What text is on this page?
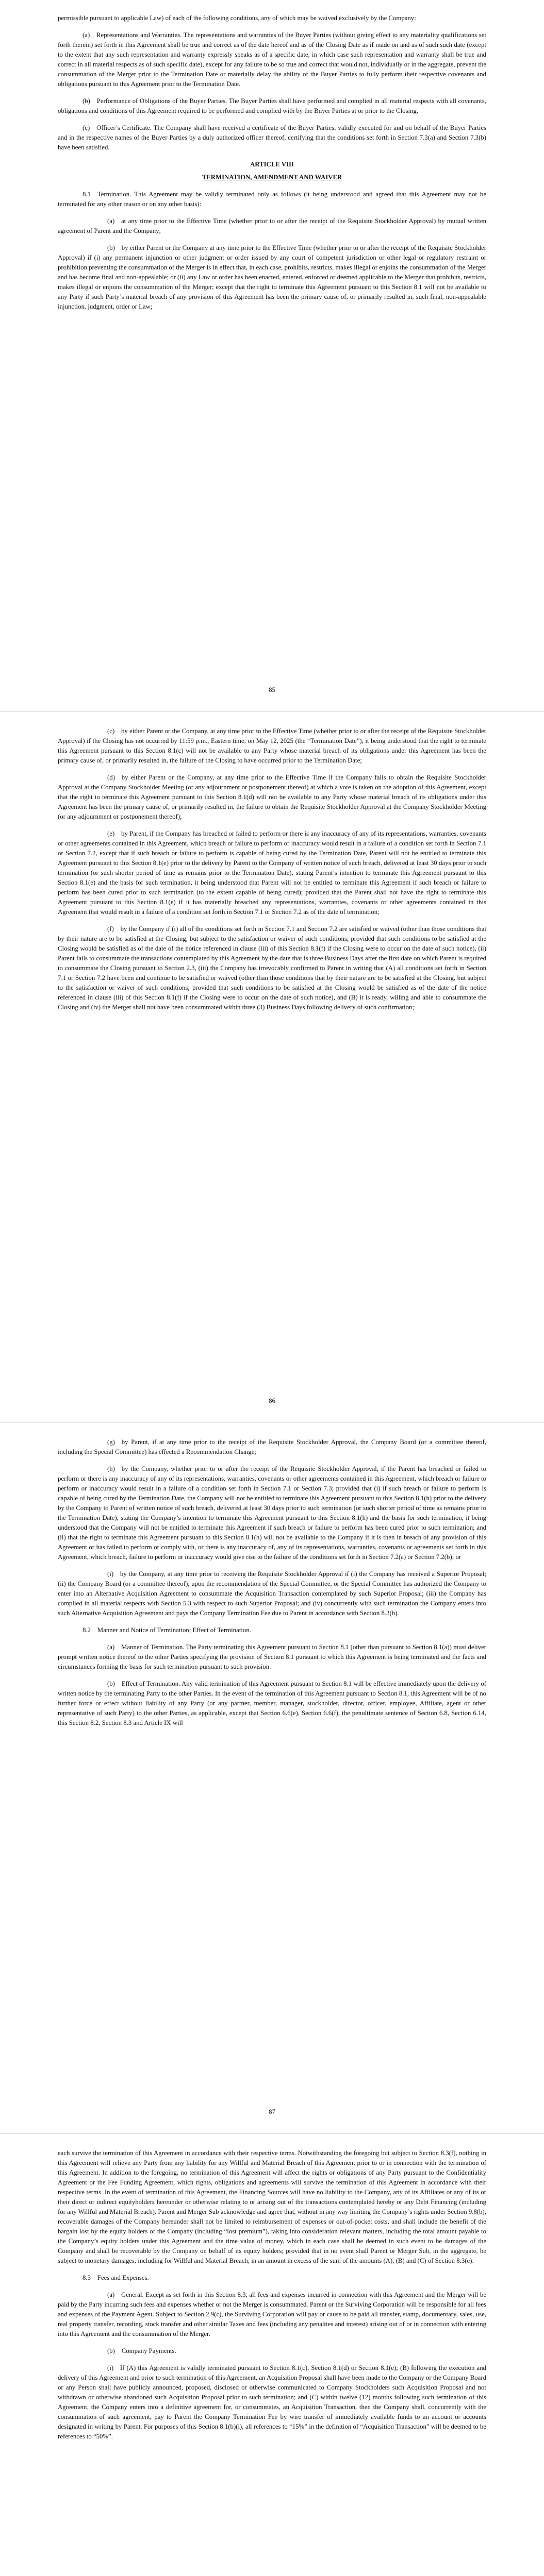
permissible pursuant to applicable Law) of each of the following conditions, any of which may be waived exclusively by the Company:

(a) Representations and Warranties. The representations and warranties of the Buyer Parties (without giving effect to any materiality qualifications set forth therein) set forth in this Agreement shall be true and correct as of the date hereof and as of the Closing Date as if made on and as of such such date (except to the extent that any such representation and warranty expressly speaks as of a specific date, in which case such representation and warranty shall be true and correct in all material respects as of such specific date), except for any failure to be so true and correct that would not, individually or in the aggregate, prevent the consummation of the Merger prior to the Termination Date or materially delay the ability of the Buyer Parties to fully perform their respective covenants and obligations pursuant to this Agreement prior to the Termination Date.

(b) Performance of Obligations of the Buyer Parties. The Buyer Parties shall have performed and complied in all material respects with all covenants, obligations and conditions of this Agreement required to be performed and complied with by the Buyer Parties at or prior to the Closing.

(c) Officer’s Certificate. The Company shall have received a certificate of the Buyer Parties, validly executed for and on behalf of the Buyer Parties and in the respective names of the Buyer Parties by a duly authorized officer thereof, certifying that the conditions set forth in Section 7.3(a) and Section 7.3(b) have been satisfied.

ARTICLE VIII
TERMINATION, AMENDMENT AND WAIVER

8.1 Termination. This Agreement may be validly terminated only as follows (it being understood and agreed that this Agreement may not be terminated for any other reason or on any other basis):

(a) at any time prior to the Effective Time (whether prior to or after the receipt of the Requisite Stockholder Approval) by mutual written agreement of Parent and the Company;

(b) by either Parent or the Company at any time prior to the Effective Time (whether prior to or after the receipt of the Requisite Stockholder Approval) if (i) any permanent injunction or other judgment or order issued by any court of competent jurisdiction or other legal or regulatory restraint or prohibition preventing the consummation of the Merger is in effect that, in each case, prohibits, restricts, makes illegal or enjoins the consummation of the Merger and has become final and non-appealable; or (ii) any Law or order has been enacted, entered, enforced or deemed applicable to the Merger that prohibits, restricts, makes illegal or enjoins the consummation of the Merger; except that the right to terminate this Agreement pursuant to this Section 8.1 will not be available to any Party if such Party’s material breach of any provision of this Agreement has been the primary cause of, or primarily resulted in, such final, non-appealable injunction, judgment, order or Law;

85

(c) by either Parent or the Company, at any time prior to the Effective Time (whether prior to or after the receipt of the Requisite Stockholder Approval) if the Closing has not occurred by 11:59 p.m., Eastern time, on May 12, 2025 (the “Termination Date”), it being understood that the right to terminate this Agreement pursuant to this Section 8.1(c) will not be available to any Party whose material breach of its obligations under this Agreement has been the primary cause of, or primarily resulted in, the failure of the Closing to have occurred prior to the Termination Date;

(d) by either Parent or the Company, at any time prior to the Effective Time if the Company fails to obtain the Requisite Stockholder Approval at the Company Stockholder Meeting (or any adjournment or postponement thereof) at which a vote is taken on the adoption of this Agreement, except that the right to terminate this Agreement pursuant to this Section 8.1(d) will not be available to any Party whose material breach of its obligations under this Agreement has been the primary cause of, or primarily resulted in, the failure to obtain the Requisite Stockholder Approval at the Company Stockholder Meeting (or any adjournment or postponement thereof);

(e) by Parent, if the Company has breached or failed to perform or there is any inaccuracy of any of its representations, warranties, covenants or other agreements contained in this Agreement, which breach or failure to perform or inaccuracy would result in a failure of a condition set forth in Section 7.1 or Section 7.2, except that if such breach or failure to perform is capable of being cured by the Termination Date, Parent will not be entitled to terminate this Agreement pursuant to this Section 8.1(e) prior to the delivery by Parent to the Company of written notice of such breach, delivered at least 30 days prior to such termination (or such shorter period of time as remains prior to the Termination Date), stating Parent’s intention to terminate this Agreement pursuant to this Section 8.1(e) and the basis for such termination, it being understood that Parent will not be entitled to terminate this Agreement if such breach or failure to perform has been cured prior to such termination (to the extent capable of being cured); provided that the Parent shall not have the right to terminate this Agreement pursuant to this Section 8.1(e) if it has materially breached any representations, warranties, covenants or other agreements contained in this Agreement that would result in a failure of a condition set forth in Section 7.1 or Section 7.2 as of the date of termination;

(f) by the Company if (i) all of the conditions set forth in Section 7.1 and Section 7.2 are satisfied or waived (other than those conditions that by their nature are to be satisfied at the Closing, but subject to the satisfaction or waiver of such conditions; provided that such conditions to be satisfied at the Closing would be satisfied as of the date of the notice referenced in clause (iii) of this Section 8.1(f) if the Closing were to occur on the date of such notice), (ii) Parent fails to consummate the transactions contemplated by this Agreement by the date that is three Business Days after the first date on which Parent is required to consummate the Closing pursuant to Section 2.3, (iii) the Company has irrevocably confirmed to Parent in writing that (A) all conditions set forth in Section 7.1 or Section 7.2 have been and continue to be satisfied or waived (other than those conditions that by their nature are to be satisfied at the Closing, but subject to the satisfaction or waiver of such conditions; provided that such conditions to be satisfied at the Closing would be satisfied as of the date of the notice referenced in clause (iii) of this Section 8.1(f) if the Closing were to occur on the date of such notice), and (B) it is ready, willing and able to consummate the Closing and (iv) the Merger shall not have been consummated within three (3) Business Days following delivery of such confirmation;

86

(g) by Parent, if at any time prior to the receipt of the Requisite Stockholder Approval, the Company Board (or a committee thereof, including the Special Committee) has effected a Recommendation Change;

(h) by the Company, whether prior to or after the receipt of the Requisite Stockholder Approval, if the Parent has breached or failed to perform or there is any inaccuracy of any of its representations, warranties, covenants or other agreements contained in this Agreement, which breach or failure to perform or inaccuracy would result in a failure of a condition set forth in Section 7.1 or Section 7.3; provided that (i) if such breach or failure to perform is capable of being cured by the Termination Date, the Company will not be entitled to terminate this Agreement pursuant to this Section 8.1(h) prior to the delivery by the Company to Parent of written notice of such breach, delivered at least 30 days prior to such termination (or such shorter period of time as remains prior to the Termination Date), stating the Company’s intention to terminate this Agreement pursuant to this Section 8.1(h) and the basis for such termination, it being understood that the Company will not be entitled to terminate this Agreement if such breach or failure to perform has been cured prior to such termination; and (ii) that the right to terminate this Agreement pursuant to this Section 8.1(h) will not be available to the Company if it is then in breach of any provision of this Agreement or has failed to perform or comply with, or there is any inaccuracy of, any of its representations, warranties, covenants or agreements set forth in this Agreement, which breach, failure to perform or inaccuracy would give rise to the failure of the conditions set forth in Section 7.2(a) or Section 7.2(b); or

(i) by the Company, at any time prior to receiving the Requisite Stockholder Approval if (i) the Company has received a Superior Proposal; (ii) the Company Board (or a committee thereof), upon the recommendation of the Special Committee, or the Special Committee has authorized the Company to enter into an Alternative Acquisition Agreement to consummate the Acquisition Transaction contemplated by such Superior Proposal; (iii) the Company has complied in all material respects with Section 5.3 with respect to such Superior Proposal; and (iv) concurrently with such termination the Company enters into such Alternative Acquisition Agreement and pays the Company Termination Fee due to Parent in accordance with Section 8.3(b).

8.2 Manner and Notice of Termination; Effect of Termination.

(a) Manner of Termination. The Party terminating this Agreement pursuant to Section 8.1 (other than pursuant to Section 8.1(a)) must deliver prompt written notice thereof to the other Parties specifying the provision of Section 8.1 pursuant to which this Agreement is being terminated and the facts and circumstances forming the basis for such termination pursuant to such provision.

(b) Effect of Termination. Any valid termination of this Agreement pursuant to Section 8.1 will be effective immediately upon the delivery of written notice by the terminating Party to the other Parties. In the event of the termination of this Agreement pursuant to Section 8.1, this Agreement will be of no further force or effect without liability of any Party (or any partner, member, manager, stockholder, director, officer, employee, Affiliate, agent or other representative of such Party) to the other Parties, as applicable, except that Section 6.6(e), Section 6.6(f), the penultimate sentence of Section 6.8, Section 6.14, this Section 8.2, Section 8.3 and Article IX will

87

each survive the termination of this Agreement in accordance with their respective terms. Notwithstanding the foregoing but subject to Section 8.3(f), nothing in this Agreement will relieve any Party from any liability for any Willful and Material Breach of this Agreement prior to or in connection with the termination of this Agreement. In addition to the foregoing, no termination of this Agreement will affect the rights or obligations of any Party pursuant to the Confidentiality Agreement or the Fee Funding Agreement, which rights, obligations and agreements will survive the termination of this Agreement in accordance with their respective terms. In the event of termination of this Agreement, the Financing Sources will have no liability to the Company, any of its Affiliates or any of its or their direct or indirect equityholders hereunder or otherwise relating to or arising out of the transactions contemplated hereby or any Debt Financing (including for any Willful and Material Breach). Parent and Merger Sub acknowledge and agree that, without in any way limiting the Company’s rights under Section 9.8(b), recoverable damages of the Company hereunder shall not be limited to reimbursement of expenses or out-of-pocket costs, and shall include the benefit of the bargain lost by the equity holders of the Company (including “lost premium”), taking into consideration relevant matters, including the total amount payable to the Company’s equity holders under this Agreement and the time value of money, which in each case shall be deemed in such event to be damages of the Company and shall be recoverable by the Company on behalf of its equity holders; provided that in no event shall Parent or Merger Sub, in the aggregate, be subject to monetary damages, including for Willful and Material Breach, in an amount in excess of the sum of the amounts (A), (B) and (C) of Section 8.3(e).

8.3 Fees and Expenses.

(a) General. Except as set forth in this Section 8.3, all fees and expenses incurred in connection with this Agreement and the Merger will be paid by the Party incurring such fees and expenses whether or not the Merger is consummated. Parent or the Surviving Corporation will be responsible for all fees and expenses of the Payment Agent. Subject to Section 2.9(c), the Surviving Corporation will pay or cause to be paid all transfer, stamp, documentary, sales, use, real property transfer, recording, stock transfer and other similar Taxes and fees (including any penalties and interest) arising out of or in connection with entering into this Agreement and the consummation of the Merger.

(b) Company Payments.

(i) If (A) this Agreement is validly terminated pursuant to Section 8.1(c), Section 8.1(d) or Section 8.1(e); (B) following the execution and delivery of this Agreement and prior to such termination of this Agreement, an Acquisition Proposal shall have been made to the Company or the Company Board or any Person shall have publicly announced, proposed, disclosed or otherwise communicated to Company Stockholders such Acquisition Proposal and not withdrawn or otherwise abandoned such Acquisition Proposal prior to such termination; and (C) within twelve (12) months following such termination of this Agreement, the Company enters into a definitive agreement for, or consummates, an Acquisition Transaction, then the Company shall, concurrently with the consummation of such agreement, pay to Parent the Company Termination Fee by wire transfer of immediately available funds to an account or accounts designated in writing by Parent. For purposes of this Section 8.1(b)(i), all references to “15%” in the definition of “Acquisition Transaction” will be deemed to be references to “50%”.
